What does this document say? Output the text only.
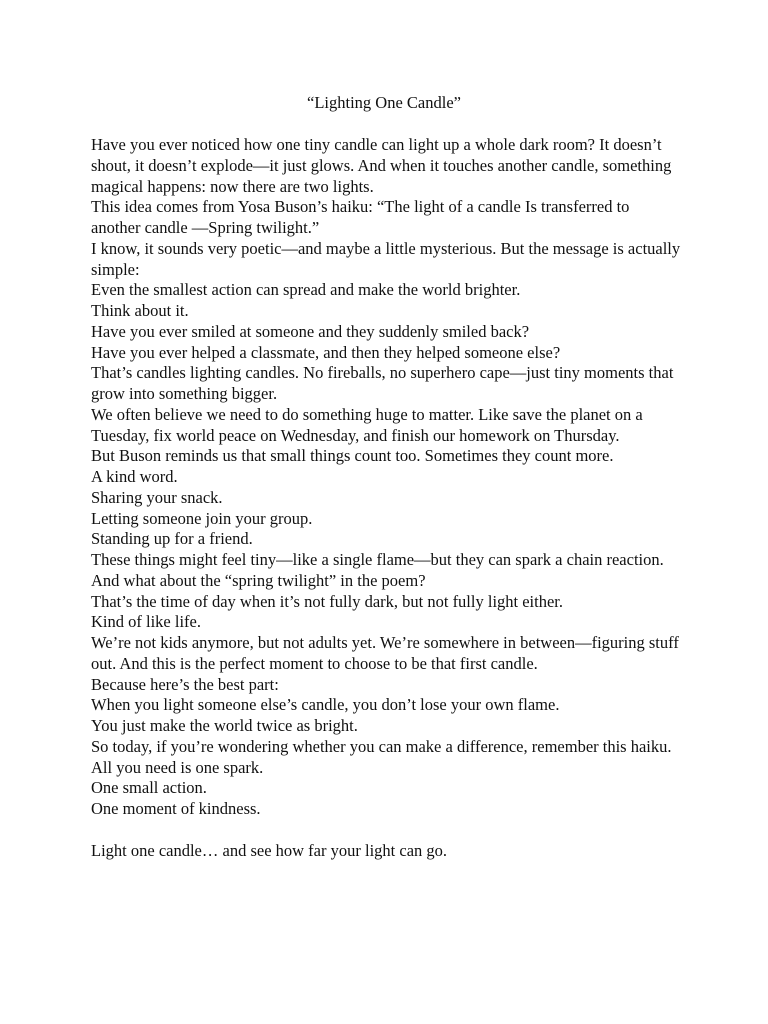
“Lighting One Candle”

Have you ever noticed how one tiny candle can light up a whole dark room? It doesn’t shout, it doesn’t explode—it just glows. And when it touches another candle, something magical happens: now there are two lights.

This idea comes from Yosa Buson’s haiku: “The light of a candle Is transferred to another candle —Spring twilight.”

I know, it sounds very poetic—and maybe a little mysterious. But the message is actually simple:

Even the smallest action can spread and make the world brighter.

Think about it.

Have you ever smiled at someone and they suddenly smiled back?

Have you ever helped a classmate, and then they helped someone else?

That’s candles lighting candles. No fireballs, no superhero cape—just tiny moments that grow into something bigger.

We often believe we need to do something huge to matter. Like save the planet on a Tuesday, fix world peace on Wednesday, and finish our homework on Thursday.

But Buson reminds us that small things count too. Sometimes they count more.

A kind word.

Sharing your snack.

Letting someone join your group.

Standing up for a friend.

These things might feel tiny—like a single flame—but they can spark a chain reaction.

And what about the “spring twilight” in the poem?

That’s the time of day when it’s not fully dark, but not fully light either.

Kind of like life.

We’re not kids anymore, but not adults yet. We’re somewhere in between—figuring stuff out. And this is the perfect moment to choose to be that first candle.

Because here’s the best part:

When you light someone else’s candle, you don’t lose your own flame.

You just make the world twice as bright.

So today, if you’re wondering whether you can make a difference, remember this haiku.

All you need is one spark.

One small action.

One moment of kindness.

Light one candle… and see how far your light can go.
